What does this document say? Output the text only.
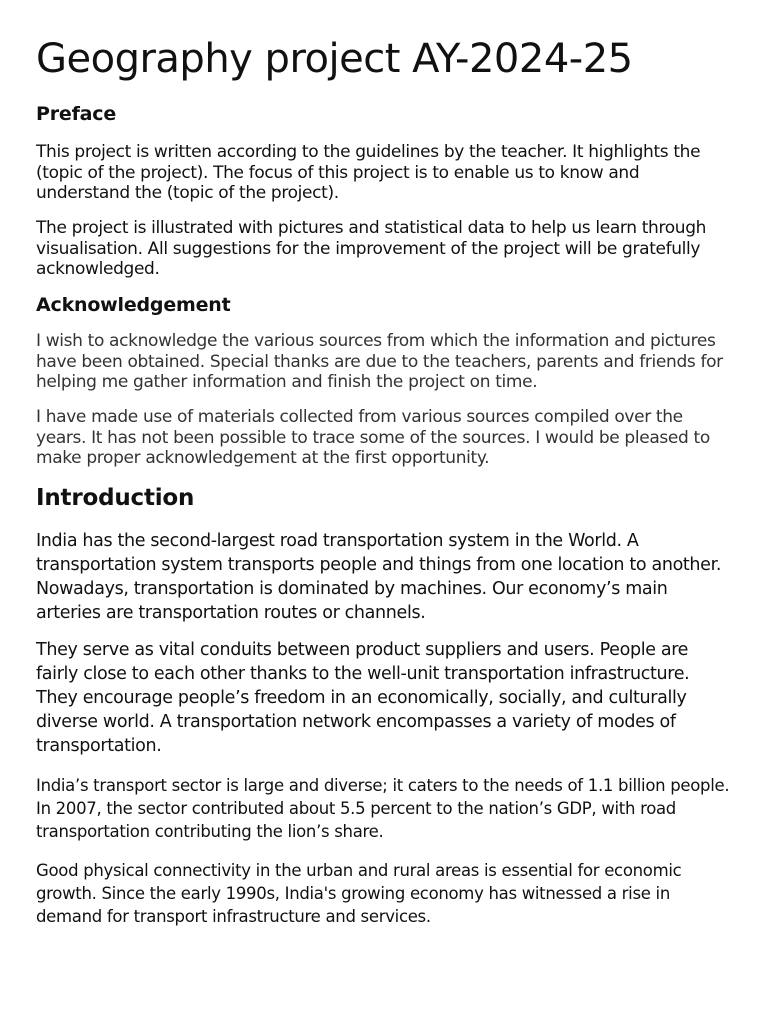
Geography project AY-2024-25
Preface

This project is written according to the guidelines by the teacher. It highlights the (topic of the project). The focus of this project is to enable us to know and understand the (topic of the project).

The project is illustrated with pictures and statistical data to help us learn through visualisation. All suggestions for the improvement of the project will be gratefully acknowledged.

Acknowledgement

I wish to acknowledge the various sources from which the information and pictures have been obtained. Special thanks are due to the teachers, parents and friends for helping me gather information and finish the project on time.

I have made use of materials collected from various sources compiled over the years. It has not been possible to trace some of the sources. I would be pleased to make proper acknowledgement at the first opportunity.

Introduction

India has the second-largest road transportation system in the World. A transportation system transports people and things from one location to another. Nowadays, transportation is dominated by machines. Our economy’s main arteries are transportation routes or channels.

They serve as vital conduits between product suppliers and users. People are fairly close to each other thanks to the well-unit transportation infrastructure. They encourage people’s freedom in an economically, socially, and culturally diverse world. A transportation network encompasses a variety of modes of transportation.

India’s transport sector is large and diverse; it caters to the needs of 1.1 billion people. In 2007, the sector contributed about 5.5 percent to the nation’s GDP, with road transportation contributing the lion’s share.

Good physical connectivity in the urban and rural areas is essential for economic growth. Since the early 1990s, India's growing economy has witnessed a rise in demand for transport infrastructure and services.
